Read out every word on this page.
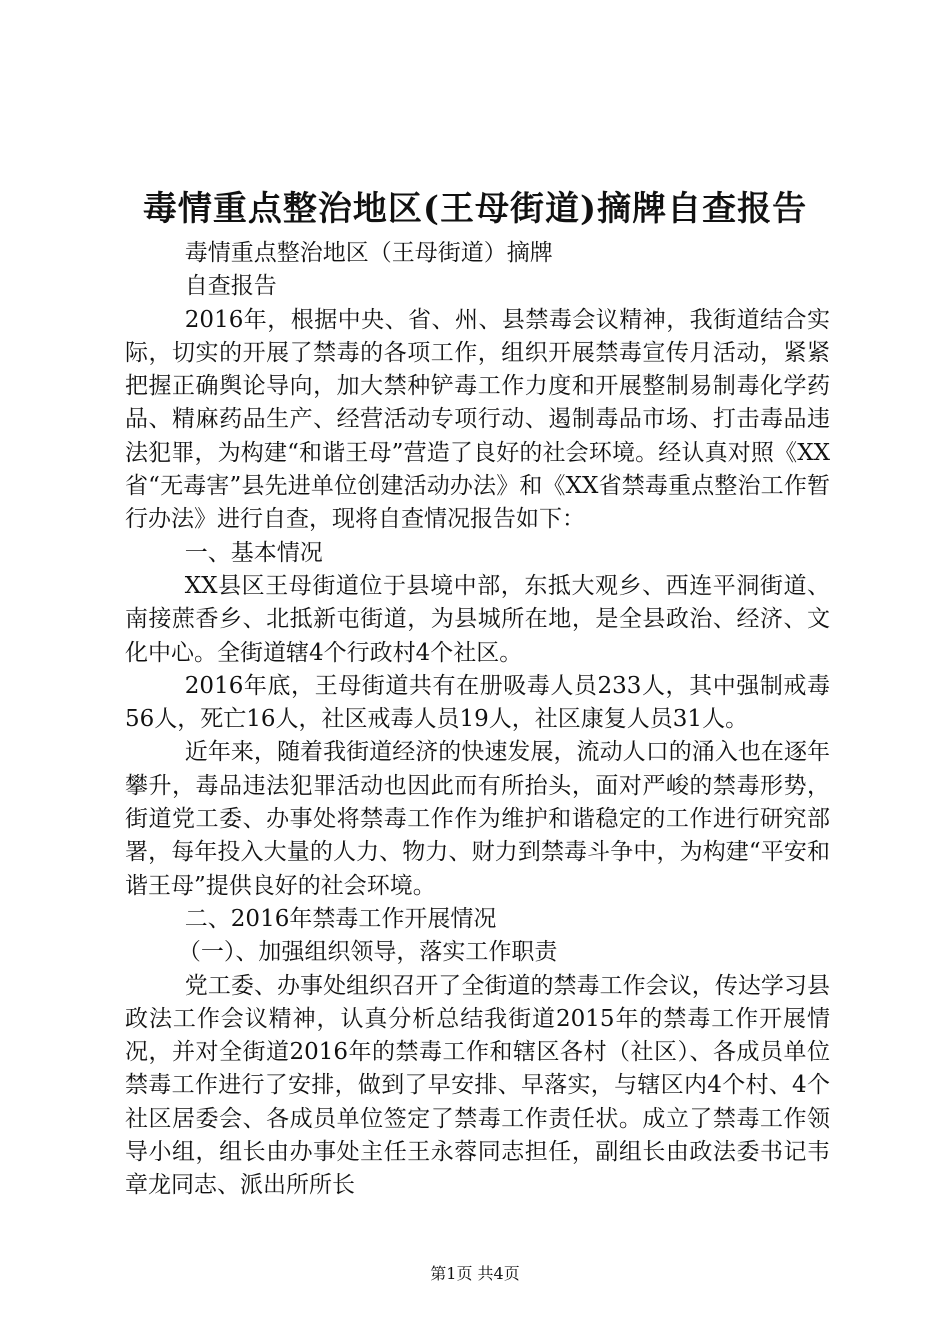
毒情重点整治地区(王母街道)摘牌自查报告

毒情重点整治地区（王母街道）摘牌

自查报告

2016年，根据中央、省、州、县禁毒会议精神，我街道结合实际，切实的开展了禁毒的各项工作，组织开展禁毒宣传月活动，紧紧把握正确舆论导向，加大禁种铲毒工作力度和开展整制易制毒化学药品、精麻药品生产、经营活动专项行动、遏制毒品市场、打击毒品违法犯罪，为构建“和谐王母”营造了良好的社会环境。经认真对照《XX省“无毒害”县先进单位创建活动办法》和《XX省禁毒重点整治工作暂行办法》进行自查，现将自查情况报告如下：

一、基本情况

XX县区王母街道位于县境中部，东抵大观乡、西连平洞街道、南接蔗香乡、北抵新屯街道，为县城所在地，是全县政治、经济、文化中心。全街道辖4个行政村4个社区。

2016年底，王母街道共有在册吸毒人员233人，其中强制戒毒56人，死亡16人，社区戒毒人员19人，社区康复人员31人。

近年来，随着我街道经济的快速发展，流动人口的涌入也在逐年攀升，毒品违法犯罪活动也因此而有所抬头，面对严峻的禁毒形势，街道党工委、办事处将禁毒工作作为维护和谐稳定的工作进行研究部署，每年投入大量的人力、物力、财力到禁毒斗争中，为构建“平安和谐王母”提供良好的社会环境。

二、2016年禁毒工作开展情况

（一）、加强组织领导，落实工作职责

党工委、办事处组织召开了全街道的禁毒工作会议，传达学习县政法工作会议精神，认真分析总结我街道2015年的禁毒工作开展情况，并对全街道2016年的禁毒工作和辖区各村（社区）、各成员单位禁毒工作进行了安排，做到了早安排、早落实，与辖区内4个村、4个社区居委会、各成员单位签定了禁毒工作责任状。成立了禁毒工作领导小组，组长由办事处主任王永蓉同志担任，副组长由政法委书记韦章龙同志、派出所所长

第1页 共4页
